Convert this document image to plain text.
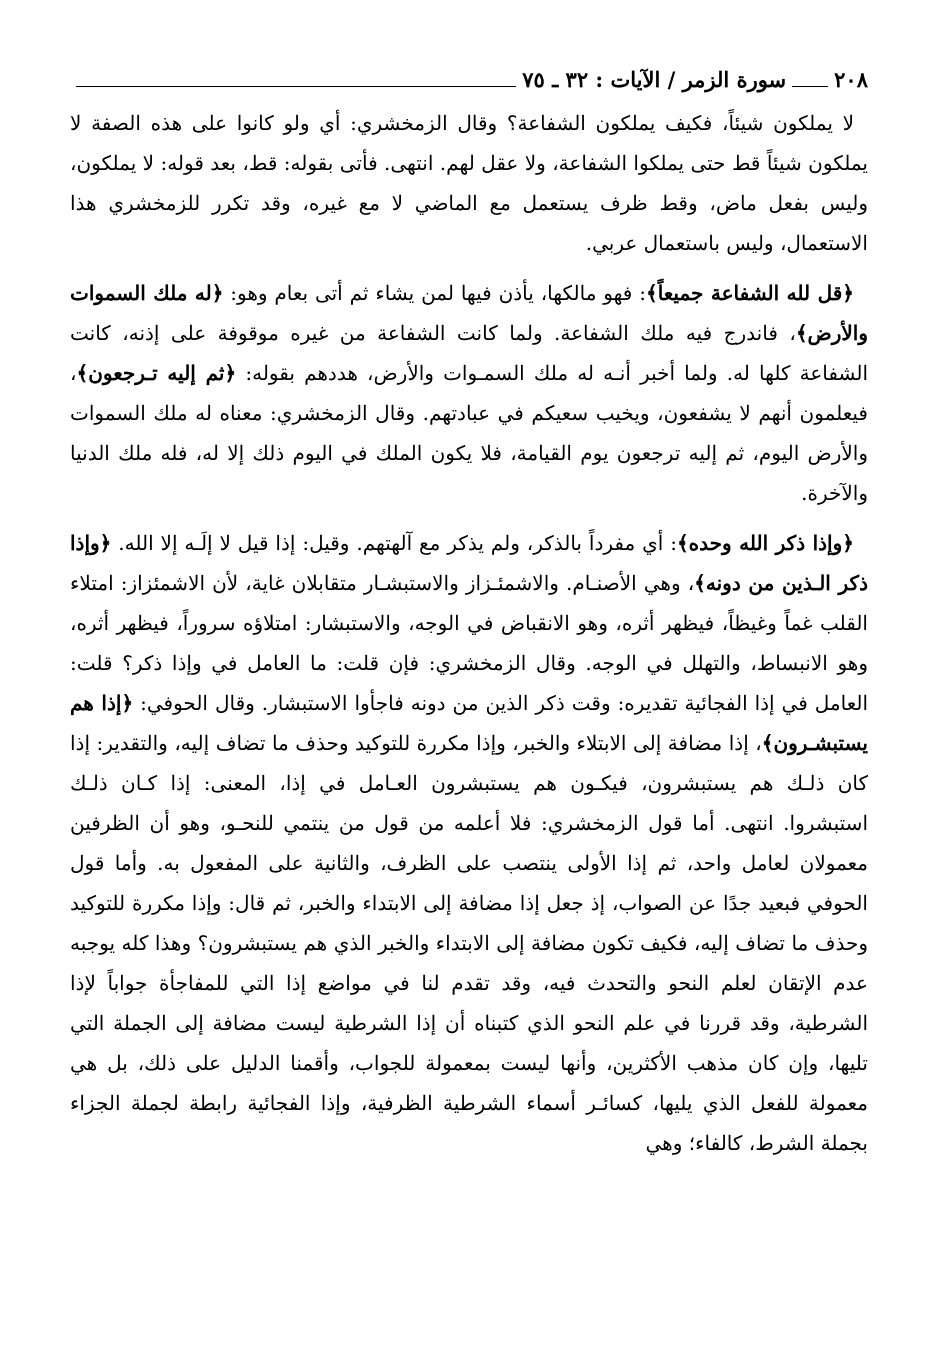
٢٠٨
سورة الزمر / الآيات : ٣٢ ـ ٧٥

لا يملكون شيئاً، فكيف يملكون الشفاعة؟ وقال الزمخشري: أي ولو كانوا على هذه الصفة لا يملكون شيئاً قط حتى يملكوا الشفاعة، ولا عقل لهم. انتهى. فأتى بقوله: قط، بعد قوله: لا يملكون، وليس بفعل ماض، وقط ظرف يستعمل مع الماضي لا مع غيره، وقد تكرر للزمخشري هذا الاستعمال، وليس باستعمال عربي.

﴿قل لله الشفاعة جميعاً﴾: فهو مالكها، يأذن فيها لمن يشاء ثم أتى بعام وهو: ﴿له ملك السموات والأرض﴾، فاندرج فيه ملك الشفاعة. ولما كانت الشفاعة من غيره موقوفة على إذنه، كانت الشفاعة كلها له. ولما أخبر أنـه له ملك السمـوات والأرض، هددهم بقوله: ﴿ثم إليه تـرجعون﴾، فيعلمون أنهم لا يشفعون، ويخيب سعيكم في عبادتهم. وقال الزمخشري: معناه له ملك السموات والأرض اليوم، ثم إليه ترجعون يوم القيامة، فلا يكون الملك في اليوم ذلك إلا له، فله ملك الدنيا والآخرة.

﴿وإذا ذكر الله وحده﴾: أي مفرداً بالذكر، ولم يذكر مع آلهتهم. وقيل: إذا قيل لا إلَـه إلا الله. ﴿وإذا ذكر الـذين من دونه﴾، وهي الأصنـام. والاشمئـزاز والاستبشـار متقابلان غاية، لأن الاشمئزاز: امتلاء القلب غماً وغيظاً، فيظهر أثره، وهو الانقباض في الوجه، والاستبشار: امتلاؤه سروراً، فيظهر أثره، وهو الانبساط، والتهلل في الوجه. وقال الزمخشري: فإن قلت: ما العامل في وإذا ذكر؟ قلت: العامل في إذا الفجائية تقديره: وقت ذكر الذين من دونه فاجأوا الاستبشار. وقال الحوفي: ﴿إذا هم يستبشـرون﴾، إذا مضافة إلى الابتلاء والخبر، وإذا مكررة للتوكيد وحذف ما تضاف إليه، والتقدير: إذا كان ذلـك هم يستبشرون، فيكـون هم يستبشرون العـامل في إذا، المعنى: إذا كـان ذلـك استبشروا. انتهى. أما قول الزمخشري: فلا أعلمه من قول من ينتمي للنحـو، وهو أن الظرفين معمولان لعامل واحد، ثم إذا الأولى ينتصب على الظرف، والثانية على المفعول به. وأما قول الحوفي فبعيد جدًا عن الصواب، إذ جعل إذا مضافة إلى الابتداء والخبر، ثم قال: وإذا مكررة للتوكيد وحذف ما تضاف إليه، فكيف تكون مضافة إلى الابتداء والخبر الذي هم يستبشرون؟ وهذا كله يوجبه عدم الإتقان لعلم النحو والتحدث فيه، وقد تقدم لنا في مواضع إذا التي للمفاجأة جواباً لإذا الشرطية، وقد قررنا في علم النحو الذي كتبناه أن إذا الشرطية ليست مضافة إلى الجملة التي تليها، وإن كان مذهب الأكثرين، وأنها ليست بمعمولة للجواب، وأقمنا الدليل على ذلك، بل هي معمولة للفعل الذي يليها، كسائـر أسماء الشرطية الظرفية، وإذا الفجائية رابطة لجملة الجزاء بجملة الشرط، كالفاء؛ وهي
